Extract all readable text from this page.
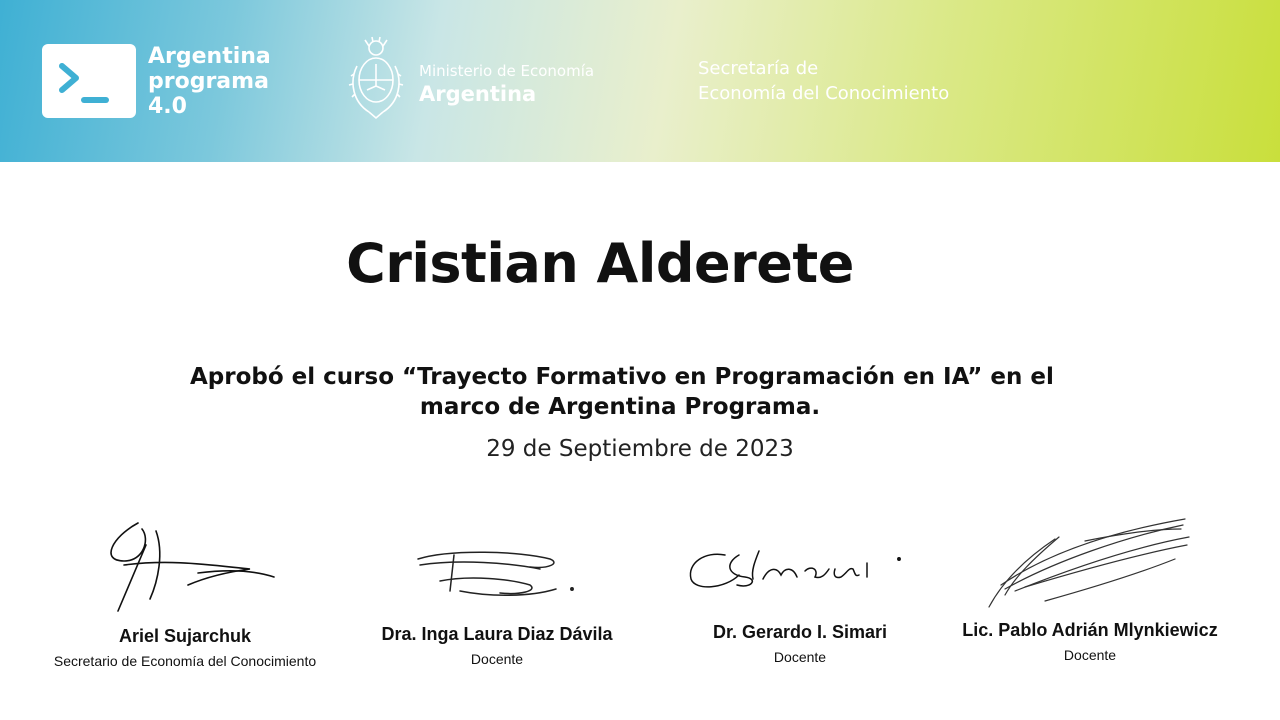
Argentina
programa
4.0
Ministerio de Economía
Argentina
Secretaría de
Economía del Conocimiento
Cristian Alderete
Aprobó el curso “Trayecto Formativo en Programación en IA” en el
marco de Argentina Programa.
29 de Septiembre de 2023
Ariel Sujarchuk
Secretario de Economía del Conocimiento
Dra. Inga Laura Diaz Dávila
Docente
Dr. Gerardo I. Simari
Docente
Lic. Pablo Adrián Mlynkiewicz
Docente
